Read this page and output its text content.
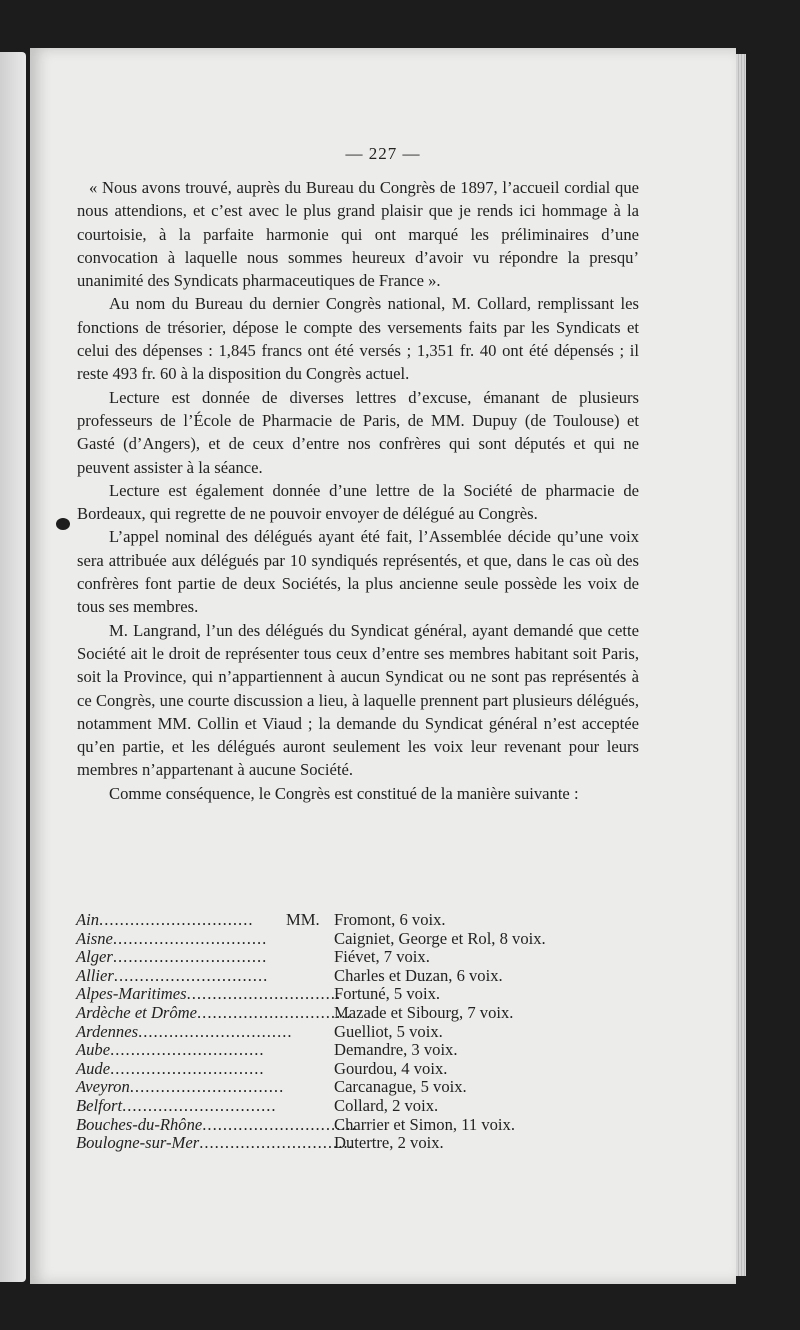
— 227 —

« Nous avons trouvé, auprès du Bureau du Congrès de 1897, l’accueil cordial que nous attendions, et c’est avec le plus grand plaisir que je rends ici hommage à la courtoisie, à la parfaite harmonie qui ont marqué les préliminaires d’une convocation à laquelle nous sommes heureux d’avoir vu répondre la presqu’ unanimité des Syndicats pharmaceutiques de France ».

Au nom du Bureau du dernier Congrès national, M. Collard, remplissant les fonctions de trésorier, dépose le compte des versements faits par les Syndicats et celui des dépenses : 1,845 francs ont été versés ; 1,351 fr. 40 ont été dépensés ; il reste 493 fr. 60 à la disposition du Congrès actuel.

Lecture est donnée de diverses lettres d’excuse, émanant de plusieurs professeurs de l’École de Pharmacie de Paris, de MM. Dupuy (de Toulouse) et Gasté (d’Angers), et de ceux d’entre nos confrères qui sont députés et qui ne peuvent assister à la séance.

Lecture est également donnée d’une lettre de la Société de pharmacie de Bordeaux, qui regrette de ne pouvoir envoyer de délégué au Congrès.

L’appel nominal des délégués ayant été fait, l’Assemblée décide qu’une voix sera attribuée aux délégués par 10 syndiqués représentés, et que, dans le cas où des confrères font partie de deux Sociétés, la plus ancienne seule possède les voix de tous ses membres.

M. Langrand, l’un des délégués du Syndicat général, ayant demandé que cette Société ait le droit de représenter tous ceux d’entre ses membres habitant soit Paris, soit la Province, qui n’appartiennent à aucun Syndicat ou ne sont pas représentés à ce Congrès, une courte discussion a lieu, à laquelle prennent part plusieurs délégués, notamment MM. Collin et Viaud ; la demande du Syndicat général n’est acceptée qu’en partie, et les délégués auront seulement les voix leur revenant pour leurs membres n’appartenant à aucune Société.

Comme conséquence, le Congrès est constitué de la manière suivante :

Ain..............................	MM. Fromont, 6 voix.
Aisne..............................	Caigniet, George et Rol, 8 voix.
Alger..............................	Fiévet, 7 voix.
Allier..............................	Charles et Duzan, 6 voix.
Alpes-Maritimes..............................
Fortuné, 5 voix.
Ardèche et Drôme..............................
Mazade et Sibourg, 7 voix.
Ardennes.............................. Guelliot, 5 voix.
Aube..............................	Demandre, 3 voix.
Aude..............................	Gourdou, 4 voix.
Aveyron..............................	Carcanague, 5 voix.
Belfort..............................	Collard, 2 voix.
Bouches-du-Rhône..............................
Charrier et Simon, 11 voix.
Boulogne-sur-Mer..............................
Dutertre, 2 voix.
